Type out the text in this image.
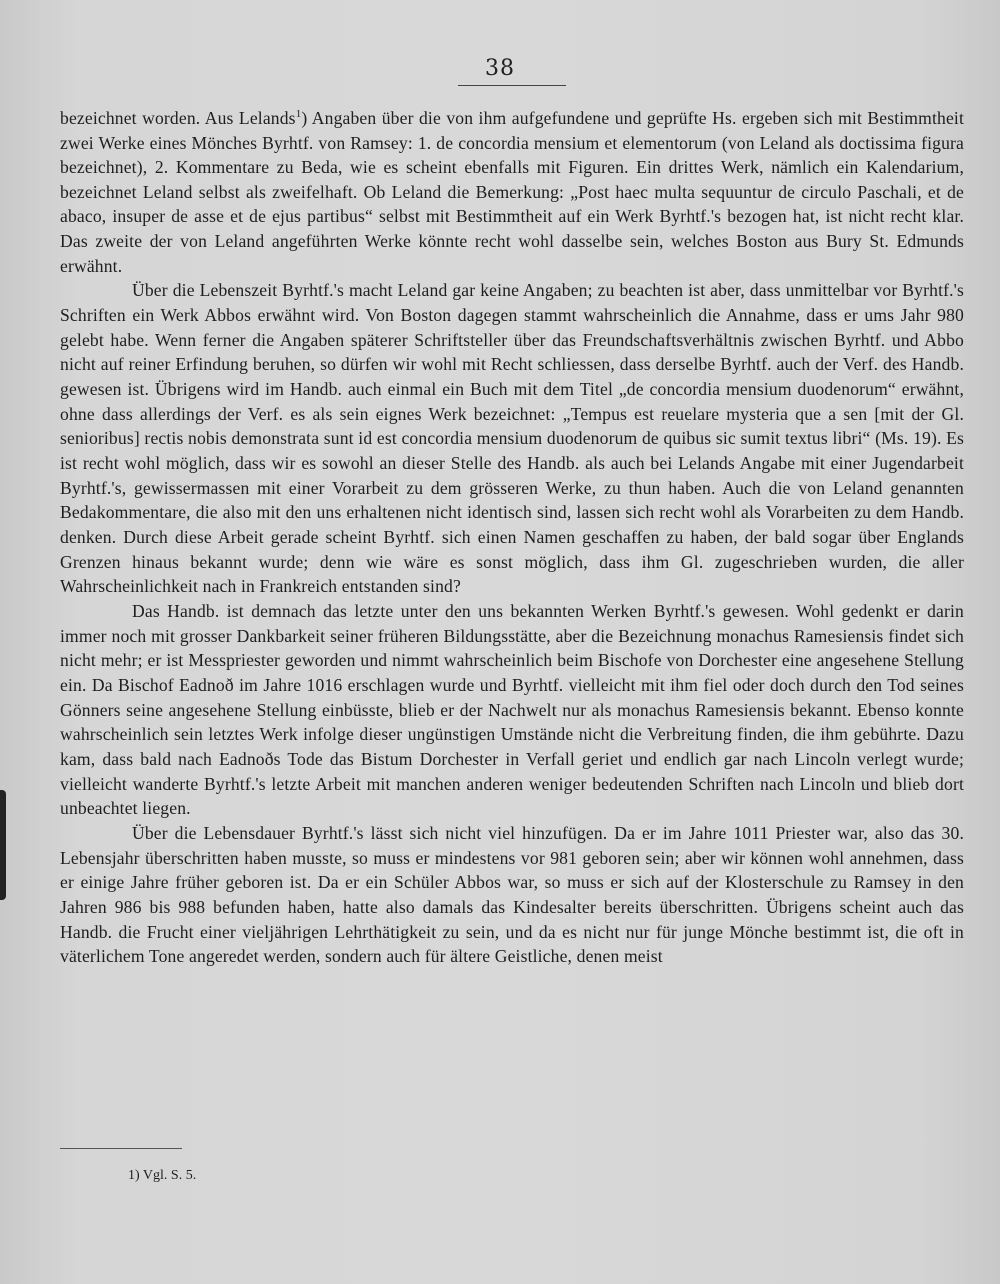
38

bezeichnet worden. Aus Lelands$^1$) Angaben über die von ihm aufgefundene und geprüfte Hs. ergeben sich mit Bestimmtheit zwei Werke eines Mönches Byrhtf. von Ramsey: 1. de concordia mensium et elementorum (von Leland als doctissima figura bezeichnet), 2. Kommentare zu Beda, wie es scheint ebenfalls mit Figuren. Ein drittes Werk, nämlich ein Kalendarium, bezeichnet Leland selbst als zweifelhaft. Ob Leland die Bemerkung: „Post haec multa sequuntur de circulo Paschali, et de abaco, insuper de asse et de ejus partibus“ selbst mit Bestimmtheit auf ein Werk Byrhtf.'s bezogen hat, ist nicht recht klar. Das zweite der von Leland angeführten Werke könnte recht wohl dasselbe sein, welches Boston aus Bury St. Edmunds erwähnt.

Über die Lebenszeit Byrhtf.'s macht Leland gar keine Angaben; zu beachten ist aber, dass unmittelbar vor Byrhtf.'s Schriften ein Werk Abbos erwähnt wird. Von Boston dagegen stammt wahrscheinlich die Annahme, dass er ums Jahr 980 gelebt habe. Wenn ferner die Angaben späterer Schriftsteller über das Freundschaftsverhältnis zwischen Byrhtf. und Abbo nicht auf reiner Erfindung beruhen, so dürfen wir wohl mit Recht schliessen, dass derselbe Byrhtf. auch der Verf. des Handb. gewesen ist. Übrigens wird im Handb. auch einmal ein Buch mit dem Titel „de concordia mensium duodenorum“ erwähnt, ohne dass allerdings der Verf. es als sein eignes Werk bezeichnet: „Tempus est reuelare mysteria que a sen [mit der Gl. senioribus] rectis nobis demonstrata sunt id est concordia mensium duodenorum de quibus sic sumit textus libri“ (Ms. 19). Es ist recht wohl möglich, dass wir es sowohl an dieser Stelle des Handb. als auch bei Lelands Angabe mit einer Jugendarbeit Byrhtf.'s, gewissermassen mit einer Vorarbeit zu dem grösseren Werke, zu thun haben. Auch die von Leland genannten Bedakommentare, die also mit den uns erhaltenen nicht identisch sind, lassen sich recht wohl als Vorarbeiten zu dem Handb. denken. Durch diese Arbeit gerade scheint Byrhtf. sich einen Namen geschaffen zu haben, der bald sogar über Englands Grenzen hinaus bekannt wurde; denn wie wäre es sonst möglich, dass ihm Gl. zugeschrieben wurden, die aller Wahrscheinlichkeit nach in Frankreich entstanden sind?

Das Handb. ist demnach das letzte unter den uns bekannten Werken Byrhtf.'s gewesen. Wohl gedenkt er darin immer noch mit grosser Dankbarkeit seiner früheren Bildungsstätte, aber die Bezeichnung monachus Ramesiensis findet sich nicht mehr; er ist Messpriester geworden und nimmt wahrscheinlich beim Bischofe von Dorchester eine angesehene Stellung ein. Da Bischof Eadnoð im Jahre 1016 erschlagen wurde und Byrhtf. vielleicht mit ihm fiel oder doch durch den Tod seines Gönners seine angesehene Stellung einbüsste, blieb er der Nachwelt nur als monachus Ramesiensis bekannt. Ebenso konnte wahrscheinlich sein letztes Werk infolge dieser ungünstigen Umstände nicht die Verbreitung finden, die ihm gebührte. Dazu kam, dass bald nach Eadnoðs Tode das Bistum Dorchester in Verfall geriet und endlich gar nach Lincoln verlegt wurde; vielleicht wanderte Byrhtf.'s letzte Arbeit mit manchen anderen weniger bedeutenden Schriften nach Lincoln und blieb dort unbeachtet liegen.

Über die Lebensdauer Byrhtf.'s lässt sich nicht viel hinzufügen. Da er im Jahre 1011 Priester war, also das 30. Lebensjahr überschritten haben musste, so muss er mindestens vor 981 geboren sein; aber wir können wohl annehmen, dass er einige Jahre früher geboren ist. Da er ein Schüler Abbos war, so muss er sich auf der Klosterschule zu Ramsey in den Jahren 986 bis 988 befunden haben, hatte also damals das Kindesalter bereits überschritten. Übrigens scheint auch das Handb. die Frucht einer vieljährigen Lehrthätigkeit zu sein, und da es nicht nur für junge Mönche bestimmt ist, die oft in väterlichem Tone angeredet werden, sondern auch für ältere Geistliche, denen meist

1) Vgl. S. 5.
